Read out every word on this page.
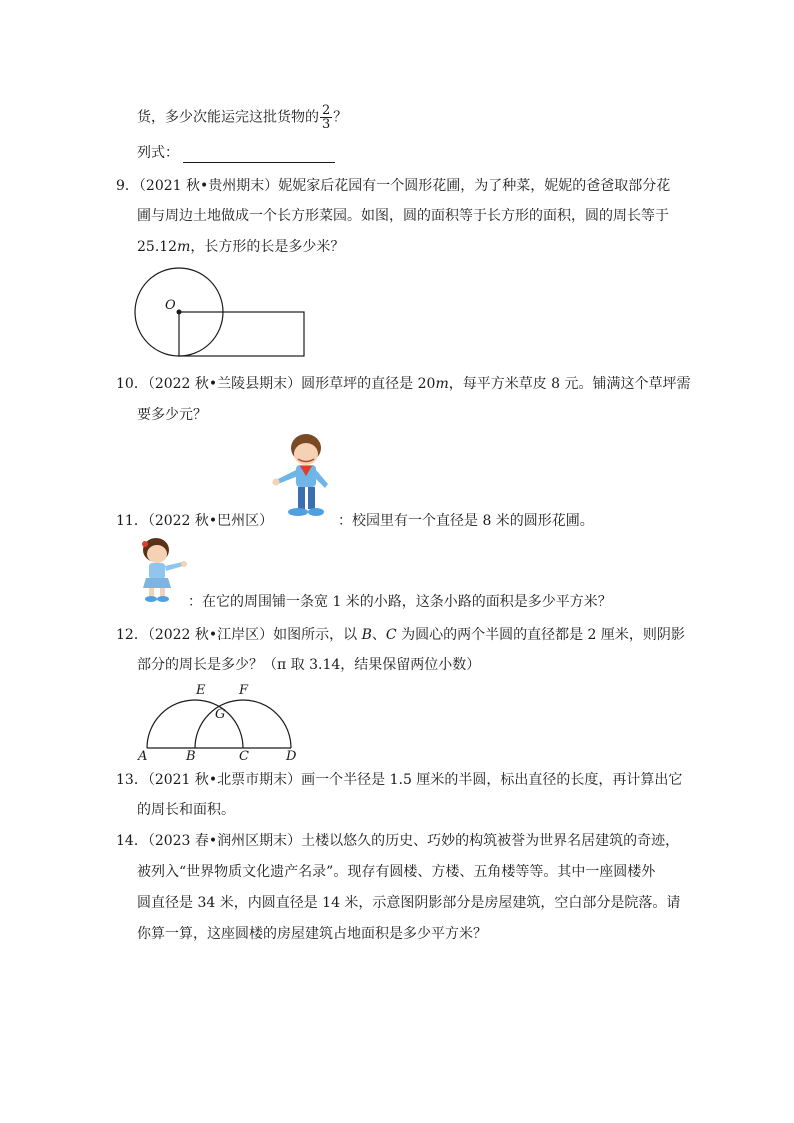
货，多少次能运完这批货物的 $\frac{2}{3}$ ？
列式：
9．（2021 秋•贵州期末）妮妮家后花园有一个圆形花圃，为了种菜，妮妮的爸爸取部分花
圃与周边土地做成一个长方形菜园。如图，圆的面积等于长方形的面积，圆的周长等于
25.12m，长方形的长是多少米？
O
10．（2022 秋•兰陵县期末）圆形草坪的直径是 20m，每平方米草皮 8 元。铺满这个草坪需
要多少元？
11．（2022 秋•巴州区）	：校园里有一个直径是 8 米的圆形花圃。
：在它的周围铺一条宽 1 米的小路，这条小路的面积是多少平方米？
12．（2022 秋•江岸区）如图所示，以 B、C 为圆心的两个半圆的直径都是 2 厘米，则阴影
部分的周长是多少？（π 取 3.14，结果保留两位小数）
E	F
G
A	B	C	D
13．（2021 秋•北票市期末）画一个半径是 1.5 厘米的半圆，标出直径的长度，再计算出它
的周长和面积。
14．（2023 春•润州区期末）土楼以悠久的历史、巧妙的构筑被誉为世界名居建筑的奇迹，
被列入“世界物质文化遗产名录”。现存有圆楼、方楼、五角楼等等。其中一座圆楼外
圆直径是 34 米，内圆直径是 14 米，示意图阴影部分是房屋建筑，空白部分是院落。请
你算一算，这座圆楼的房屋建筑占地面积是多少平方米？
